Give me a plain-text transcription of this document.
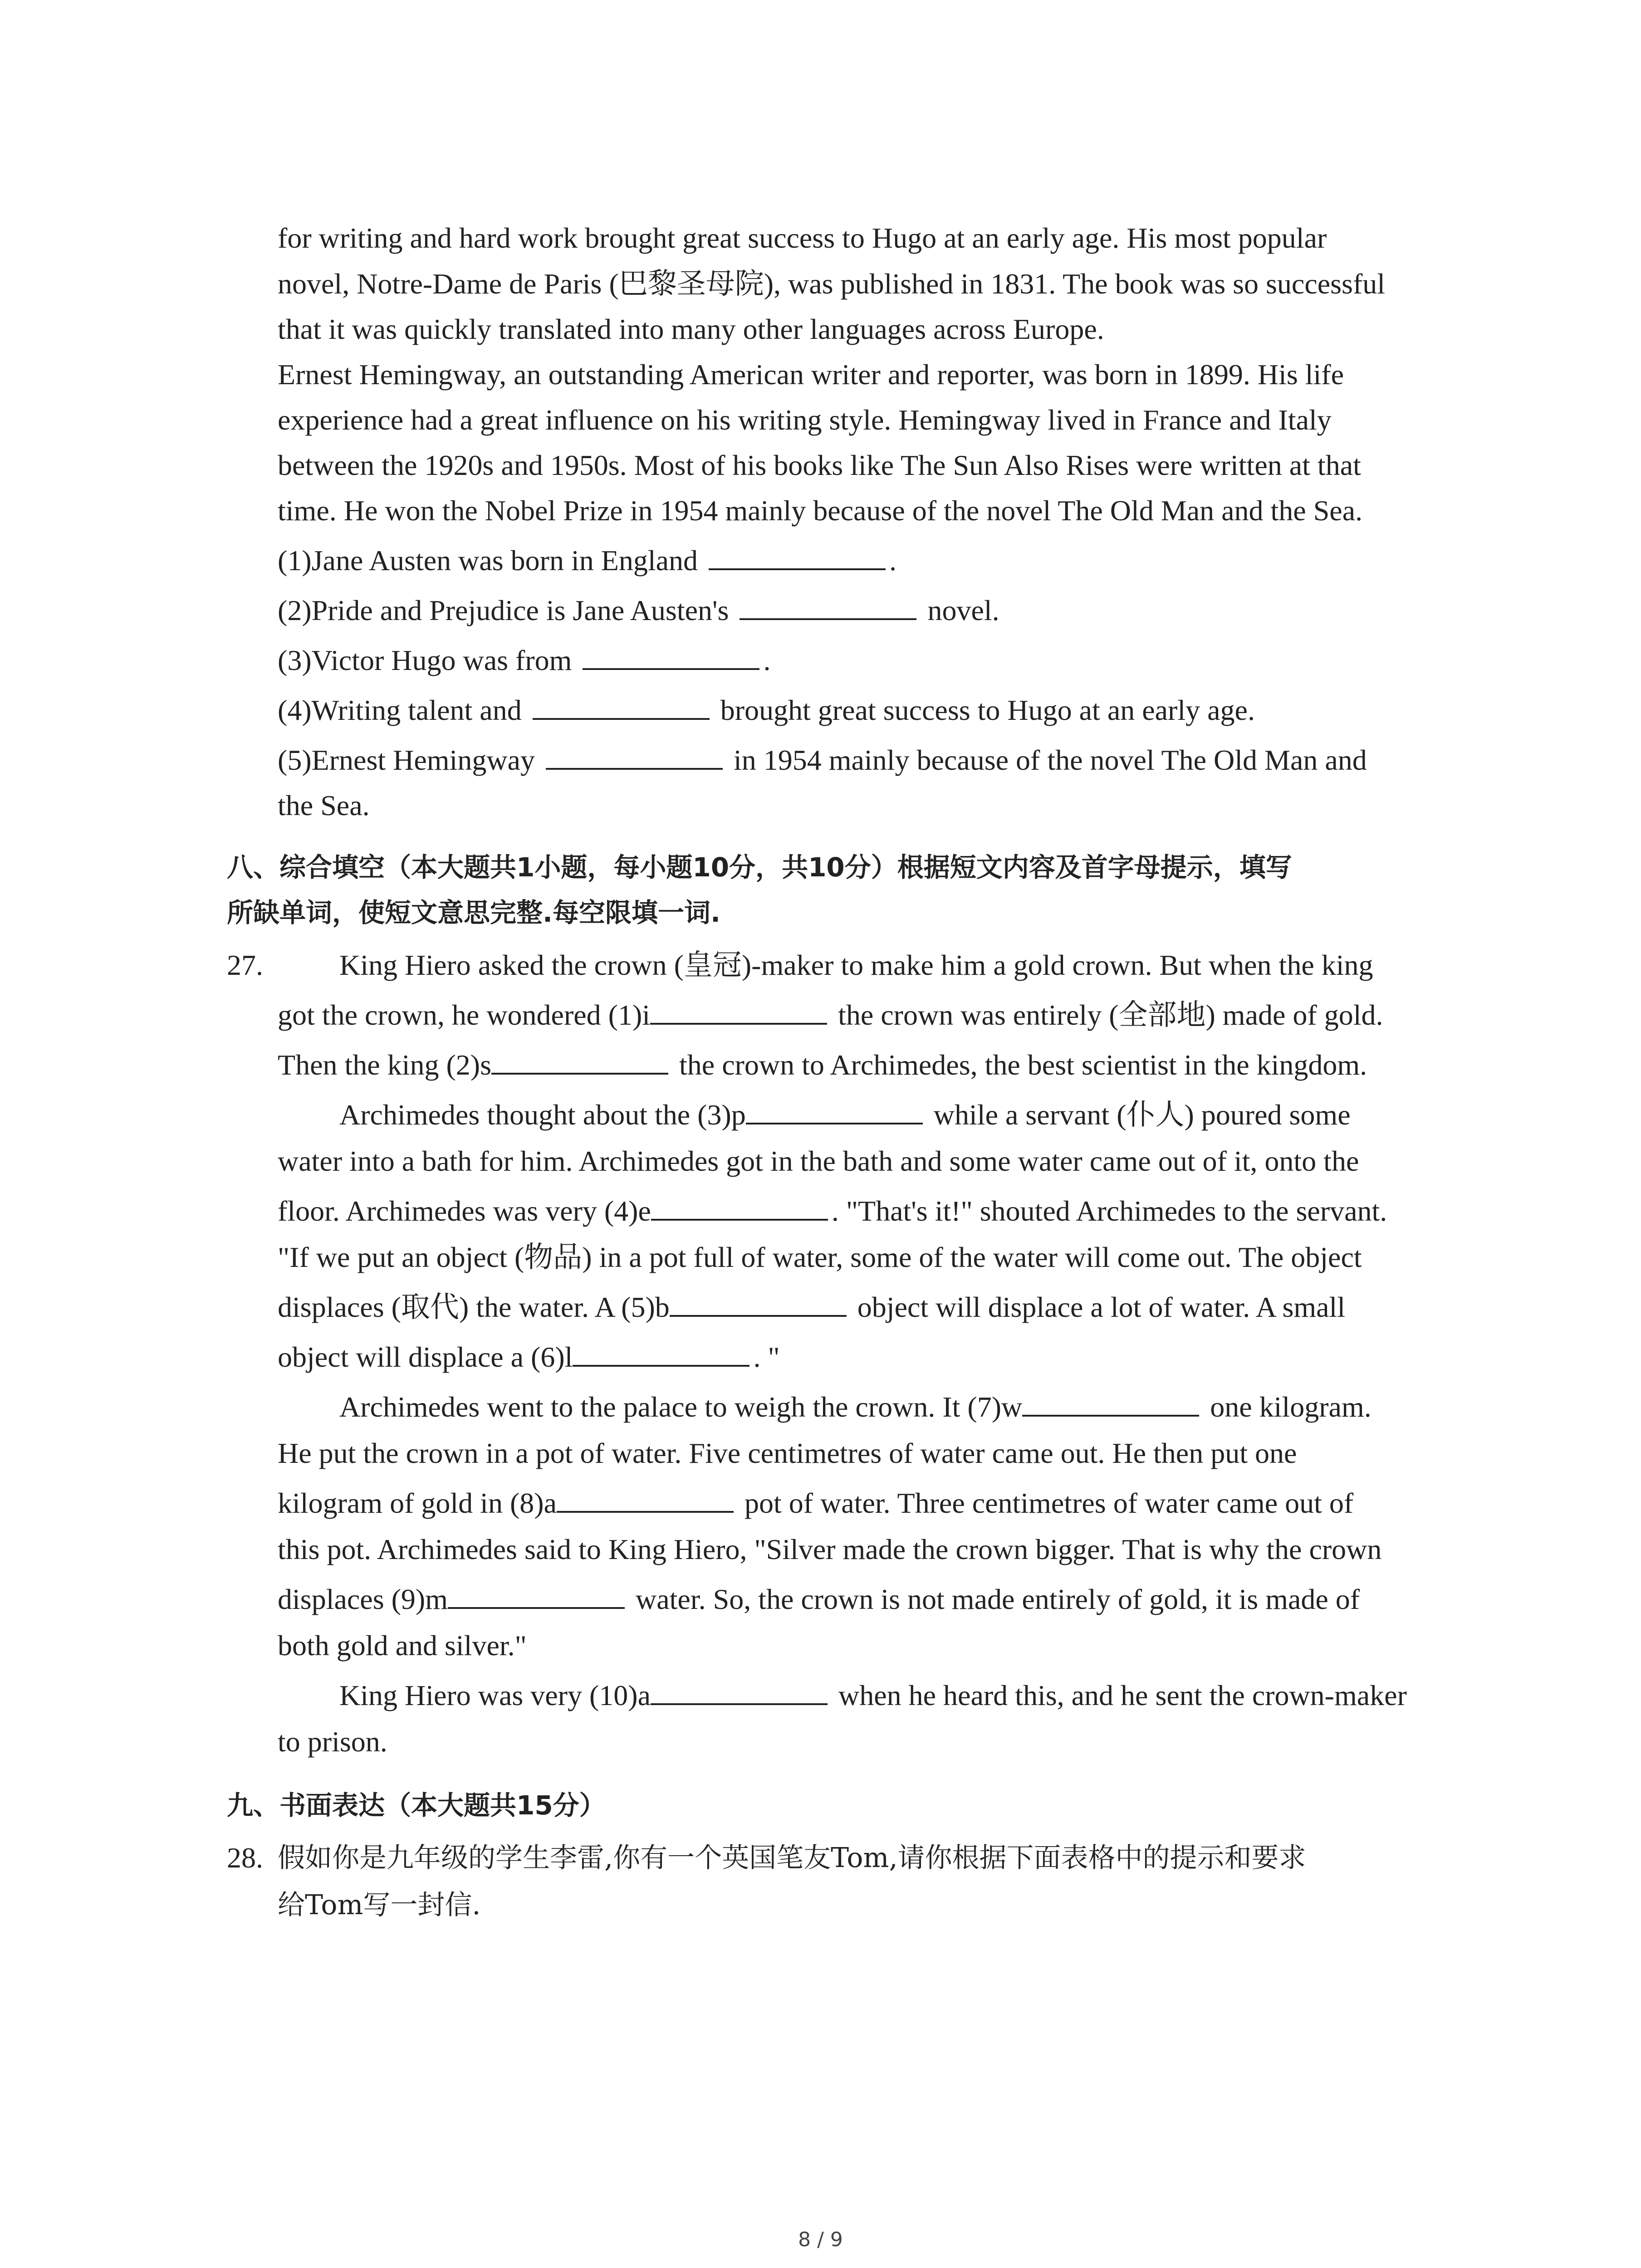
for writing and hard work brought great success to Hugo at an early age. His most popular
novel, Notre-Dame de Paris (巴黎圣母院), was published in 1831. The book was so successful
that it was quickly translated into many other languages across Europe.
Ernest Hemingway, an outstanding American writer and reporter, was born in 1899. His life
experience had a great influence on his writing style. Hemingway lived in France and Italy
between the 1920s and 1950s. Most of his books like The Sun Also Rises were written at that
time. He won the Nobel Prize in 1954 mainly because of the novel The Old Man and the Sea.
(1)Jane Austen was born in England	.
(2)Pride and Prejudice is Jane Austen's	novel.
(3)Victor Hugo was from	.
(4)Writing talent and	brought great success to Hugo at an early age.
(5)Ernest Hemingway	in 1954 mainly because of the novel The Old Man and
the Sea.
八、综合填空（本大题共1小题，每小题10分，共10分）根据短文内容及首字母提示，填写
所缺单词，使短文意思完整.每空限填一词.
27.	King Hiero asked the crown (皇冠)-maker to make him a gold crown. But when the king
got the crown, he wondered (1)i	the crown was entirely (全部地) made of gold.
Then the king (2)s	the crown to Archimedes, the best scientist in the kingdom.
Archimedes thought about the (3)p	while a servant (仆人) poured some
water into a bath for him. Archimedes got in the bath and some water came out of it, onto the
floor. Archimedes was very (4)e	. "That's it!" shouted Archimedes to the servant.
"If we put an object (物品) in a pot full of water, some of the water will come out. The object
displaces (取代) the water. A (5)b	object will displace a lot of water. A small
object will displace a (6)l	. "
Archimedes went to the palace to weigh the crown. It (7)w	one kilogram.
He put the crown in a pot of water. Five centimetres of water came out. He then put one
kilogram of gold in (8)a	pot of water. Three centimetres of water came out of
this pot. Archimedes said to King Hiero, "Silver made the crown bigger. That is why the crown
displaces (9)m	water. So, the crown is not made entirely of gold, it is made of
both gold and silver."
King Hiero was very (10)a	when he heard this, and he sent the crown-maker
to prison.
九、书面表达（本大题共15分）
28. 假如你是九年级的学生李雷,你有一个英国笔友Tom,请你根据下面表格中的提示和要求
给Tom写一封信.
8 / 9
